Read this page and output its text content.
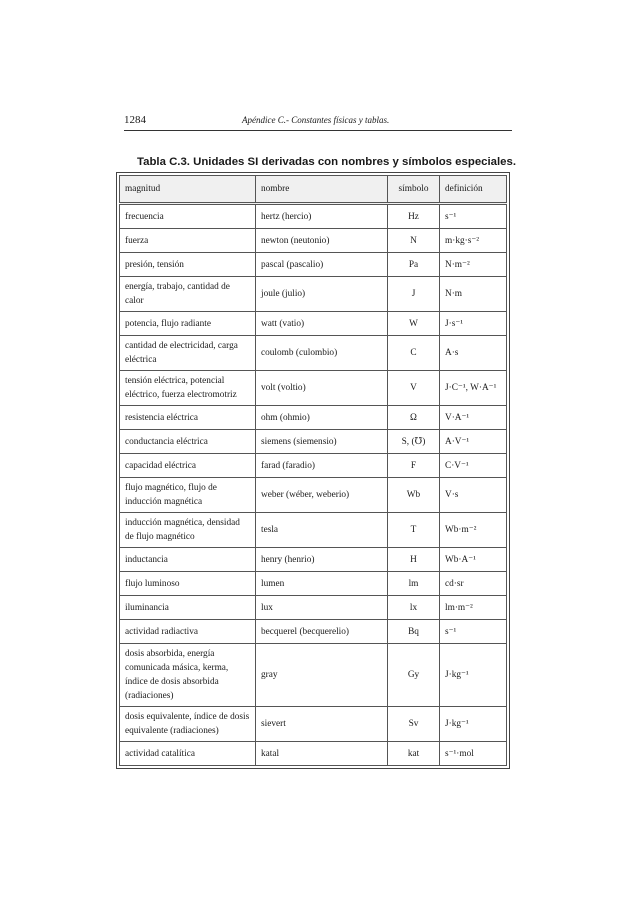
1284	Apéndice C.- Constantes físicas y tablas.
Tabla C.3. Unidades SI derivadas con nombres y símbolos especiales.
magnitud	nombre	símbolo	definición
frecuencia	hertz (hercio)	Hz	s⁻¹
fuerza	newton (neutonio)	N	m·kg·s⁻²
presión, tensión	pascal (pascalio)	Pa	N·m⁻²
energía, trabajo, cantidad de calor	joule (julio)	J	N·m
potencia, flujo radiante	watt (vatio)	W	J·s⁻¹
cantidad de electricidad, carga eléctrica	coulomb (culombio)	C	A·s
tensión eléctrica, potencial eléctrico, fuerza electromotriz	volt (voltio)	V	J·C⁻¹, W·A⁻¹
resistencia eléctrica	ohm (ohmio)	Ω	V·A⁻¹
conductancia eléctrica	siemens (siemensio)	S, (℧)	A·V⁻¹
capacidad eléctrica	farad (faradio)	F	C·V⁻¹
flujo magnético, flujo de inducción magnética	weber (wéber, weberio)	Wb	V·s
inducción magnética, densidad de flujo magnético	tesla	T	Wb·m⁻²
inductancia	henry (henrio)	H	Wb·A⁻¹
flujo luminoso	lumen	lm	cd·sr
iluminancia	lux	lx	lm·m⁻²
actividad radiactiva	becquerel (becquerelio)	Bq	s⁻¹
dosis absorbida, energía comunicada másica, kerma, índice de dosis absorbida (radiaciones)	gray	Gy	J·kg⁻¹
dosis equivalente, índice de dosis equivalente (radiaciones)	sievert	Sv	J·kg⁻¹
actividad catalítica	katal	kat	s⁻¹·mol
